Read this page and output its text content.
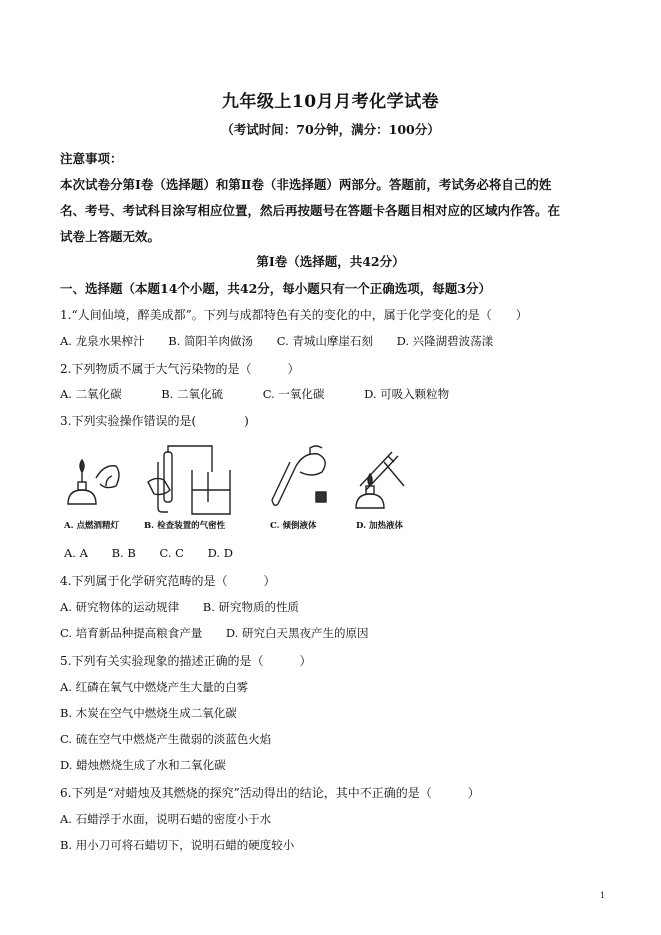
九年级上10月月考化学试卷
（考试时间：70分钟，满分：100分）
注意事项：
本次试卷分第Ⅰ卷（选择题）和第Ⅱ卷（非选择题）两部分。答题前，考试务必将自己的姓
名、考号、考试科目涂写相应位置，然后再按题号在答题卡各题目相对应的区域内作答。在
试卷上答题无效。
第Ⅰ卷（选择题，共42分）
一、选择题（本题14个小题，共42分，每小题只有一个正确选项，每题3分）
1.“人间仙境，醉美成都”。下列与成都特色有关的变化的中，属于化学变化的是（　　）
A. 龙泉水果榨汁 B. 简阳羊肉做汤 C. 青城山摩崖石刻 D. 兴隆湖碧波荡漾
2.下列物质不属于大气污染物的是（　　　）
A. 二氧化碳	B. 二氧化硫	C. 一氧化碳	D. 可吸入颗粒物
3.下列实验操作错误的是(　　　　)
A. 点燃酒精灯	B. 检查装置的气密性	C. 倾倒液体	D. 加热液体
A. A B. B C. C D. D
4.下列属于化学研究范畴的是（　　　）
A. 研究物体的运动规律 B. 研究物质的性质
C. 培育新品种提高粮食产量 D. 研究白天黑夜产生的原因
5.下列有关实验现象的描述正确的是（　　　）
A. 红磷在氧气中燃烧产生大量的白雾
B. 木炭在空气中燃烧生成二氧化碳
C. 硫在空气中燃烧产生微弱的淡蓝色火焰
D. 蜡烛燃烧生成了水和二氧化碳
6.下列是“对蜡烛及其燃烧的探究”活动得出的结论，其中不正确的是（　　　）
A. 石蜡浮于水面，说明石蜡的密度小于水
B. 用小刀可将石蜡切下，说明石蜡的硬度较小
1
